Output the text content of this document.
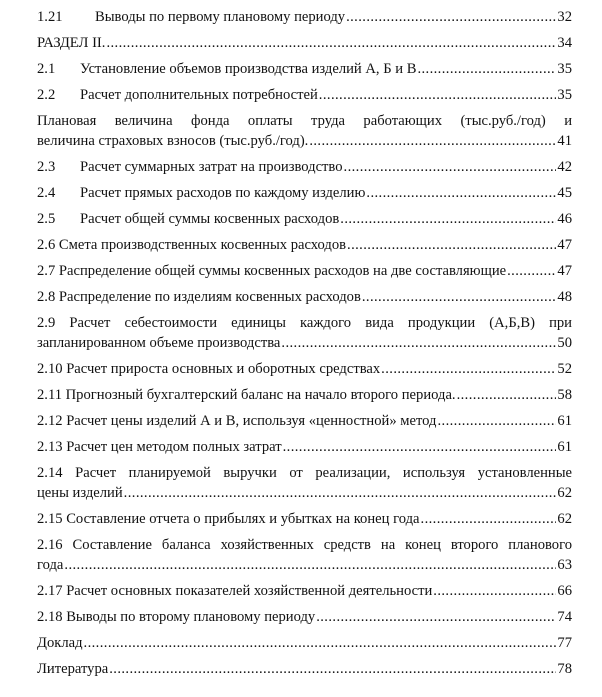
1.21	Выводы по первому плановому периоду .....	32
РАЗДЕЛ II. .....	34
2.1	Установление объемов производства изделий А, Б и В .....	35
2.2	Расчет дополнительных потребностей .....	35
Плановая величина фонда оплаты труда работающих (тыс.руб./год) и
величина страховых взносов (тыс.руб./год). .....	41
2.3	Расчет суммарных затрат на производство .....	42
2.4	Расчет прямых расходов по каждому изделию .....	45
2.5	Расчет общей суммы косвенных расходов .....	46
2.6 Смета производственных косвенных расходов .....	47
2.7 Распределение общей суммы косвенных расходов на две составляющие .....	47
2.8 Распределение по изделиям косвенных расходов .....	48
2.9 Расчет себестоимости единицы каждого вида продукции (А,Б,В) при
запланированном объеме производства .....	50
2.10 Расчет прироста основных и оборотных средствах .....	52
2.11 Прогнозный бухгалтерский баланс на начало второго периода. .....	58
2.12 Расчет цены изделий А и В, используя «ценностной» метод .....	61
2.13 Расчет цен методом полных затрат .....	61
2.14 Расчет планируемой выручки от реализации, используя установленные
цены изделий .....	62
2.15 Составление отчета о прибылях и убытках на конец года .....	62
2.16 Составление баланса хозяйственных средств на конец второго планового
года .....	63
2.17 Расчет основных показателей хозяйственной деятельности .....	66
2.18 Выводы по второму плановому периоду .....	74
Доклад .....	77
Литература .....	78
